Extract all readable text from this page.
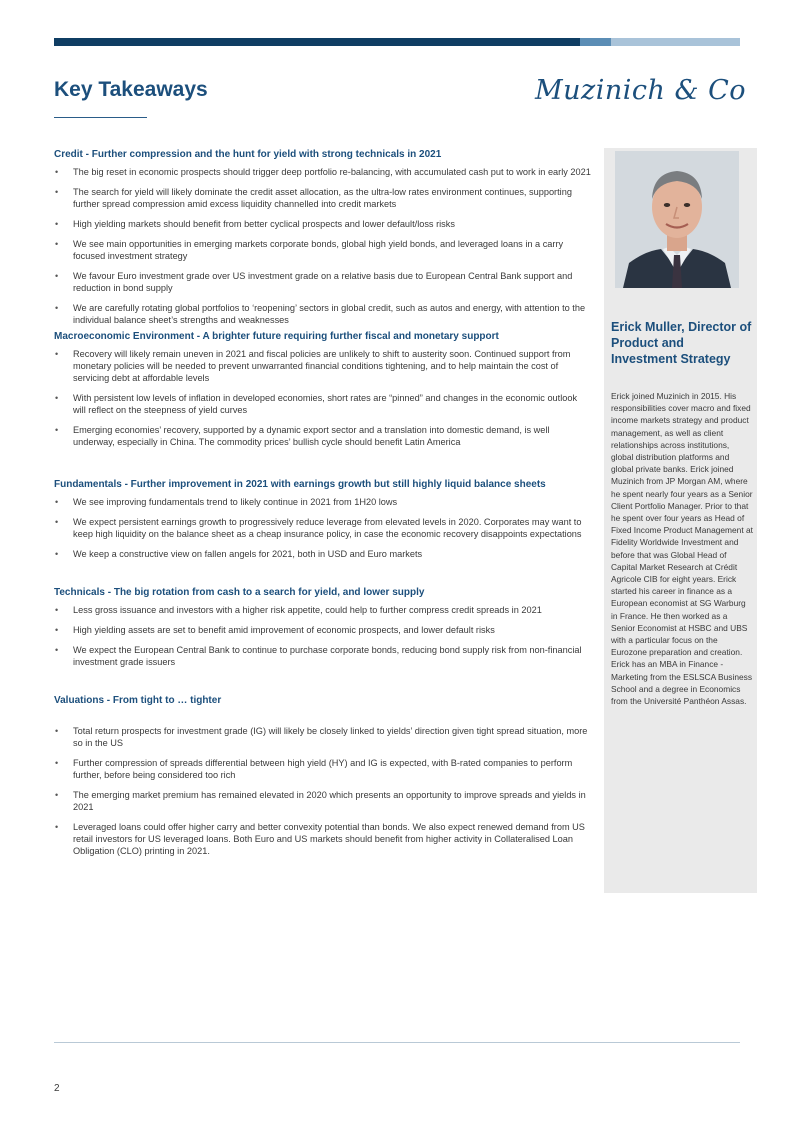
Key Takeaways	Muzinich & Co

Credit - Further compression and the hunt for yield with strong technicals in 2021

• The big reset in economic prospects should trigger deep portfolio re-balancing, with accumulated cash put to work in early 2021
• The search for yield will likely dominate the credit asset allocation, as the ultra-low rates environment continues, supporting further spread compression amid excess liquidity channelled into credit markets
• High yielding markets should benefit from better cyclical prospects and lower default/loss risks
• We see main opportunities in emerging markets corporate bonds, global high yield bonds, and leveraged loans in a carry focused investment strategy
• We favour Euro investment grade over US investment grade on a relative basis due to European Central Bank support and reduction in bond supply
• We are carefully rotating global portfolios to ‘reopening’ sectors in global credit, such as autos and energy, with attention to the individual balance sheet’s strengths and weaknesses

Macroeconomic Environment - A brighter future requiring further fiscal and monetary support

• Recovery will likely remain uneven in 2021 and fiscal policies are unlikely to shift to austerity soon. Continued support from monetary policies will be needed to prevent unwarranted financial conditions tightening, and to help maintain the cost of servicing debt at affordable levels
• With persistent low levels of inflation in developed economies, short rates are “pinned” and changes in the economic outlook will reflect on the steepness of yield curves
• Emerging economies’ recovery, supported by a dynamic export sector and a translation into domestic demand, is well underway, especially in China. The commodity prices’ bullish cycle should benefit Latin America

Fundamentals - Further improvement in 2021 with earnings growth but still highly liquid balance sheets

• We see improving fundamentals trend to likely continue in 2021 from 1H20 lows
• We expect persistent earnings growth to progressively reduce leverage from elevated levels in 2020. Corporates may want to keep high liquidity on the balance sheet as a cheap insurance policy, in case the economic recovery disappoints expectations
• We keep a constructive view on fallen angels for 2021, both in USD and Euro markets

Technicals - The big rotation from cash to a search for yield, and lower supply

• Less gross issuance and investors with a higher risk appetite, could help to further compress credit spreads in 2021
• High yielding assets are set to benefit amid improvement of economic prospects, and lower default risks
• We expect the European Central Bank to continue to purchase corporate bonds, reducing bond supply risk from non-financial investment grade issuers

Valuations - From tight to … tighter

• Total return prospects for investment grade (IG) will likely be closely linked to yields’ direction given tight spread situation, more so in the US
• Further compression of spreads differential between high yield (HY) and IG is expected, with B-rated companies to perform further, before being considered too rich
• The emerging market premium has remained elevated in 2020 which presents an opportunity to improve spreads and yields in 2021
• Leveraged loans could offer higher carry and better convexity potential than bonds. We also expect renewed demand from US retail investors for US leveraged loans. Both Euro and US markets should benefit from higher activity in Collateralised Loan Obligation (CLO) printing in 2021.

Erick Muller, Director of Product and Investment Strategy

Erick joined Muzinich in 2015. His responsibilities cover macro and fixed income markets strategy and product management, as well as client relationships across institutions, global distribution platforms and global private banks. Erick joined Muzinich from JP Morgan AM, where he spent nearly four years as a Senior Client Portfolio Manager. Prior to that he spent over four years as Head of Fixed Income Product Management at Fidelity Worldwide Investment and before that was Global Head of Capital Market Research at Crédit Agricole CIB for eight years. Erick started his career in finance as a European economist at SG Warburg in France. He then worked as a Senior Economist at HSBC and UBS with a particular focus on the Eurozone preparation and creation. Erick has an MBA in Finance - Marketing from the ESLSCA Business School and a degree in Economics from the Université Panthéon Assas.

2
